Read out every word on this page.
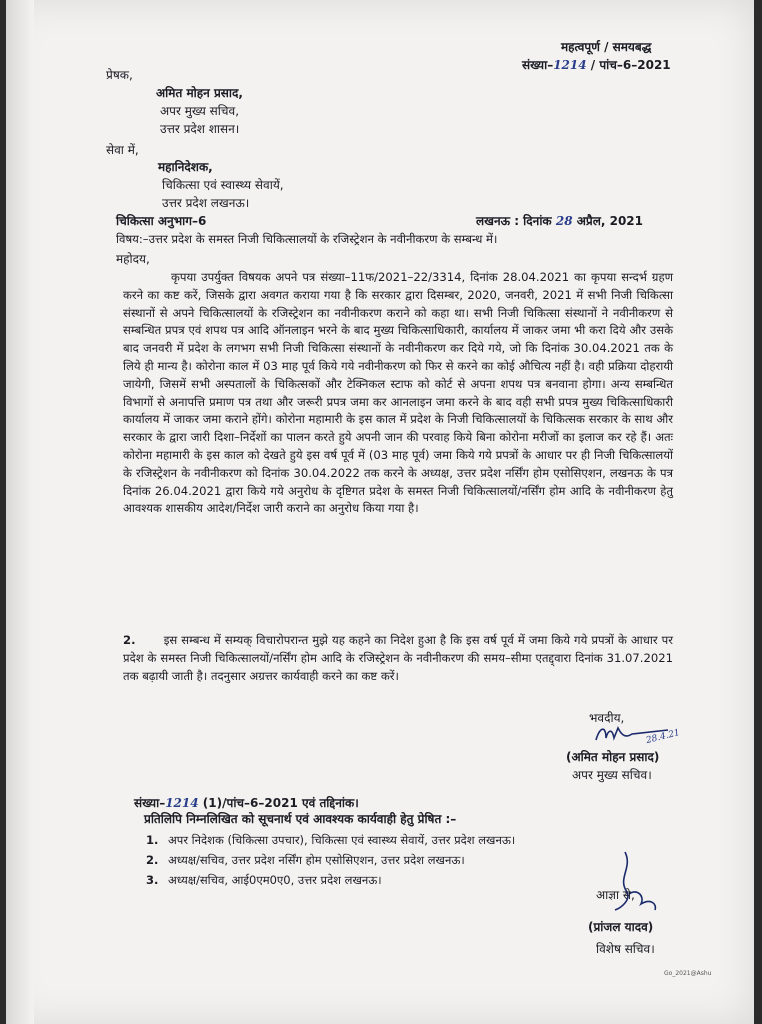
महत्वपूर्ण / समयबद्ध
संख्या–1214 / पांच–6–2021
प्रेषक,
अमित मोहन प्रसाद,
अपर मुख्य सचिव,
उत्तर प्रदेश शासन।
सेवा में,
महानिदेशक,
चिकित्सा एवं स्वास्थ्य सेवायें,
उत्तर प्रदेश लखनऊ।
चिकित्सा अनुभाग–6	लखनऊ : दिनांक 28 अप्रैल, 2021
विषय:–उत्तर प्रदेश के समस्त निजी चिकित्सालयों के रजिस्ट्रेशन के नवीनीकरण के सम्बन्ध में।
महोदय,

कृपया उपर्युक्त विषयक अपने पत्र संख्या–11फ/2021–22/3314, दिनांक 28.04.2021 का कृपया सन्दर्भ ग्रहण करने का कष्ट करें, जिसके द्वारा अवगत कराया गया है कि सरकार द्वारा दिसम्बर, 2020, जनवरी, 2021 में सभी निजी चिकित्सा संस्थानों से अपने चिकित्सालयों के रजिस्ट्रेशन का नवीनीकरण कराने को कहा था। सभी निजी चिकित्सा संस्थानों ने नवीनीकरण से सम्बन्धित प्रपत्र एवं शपथ पत्र आदि ऑनलाइन भरने के बाद मुख्य चिकित्साधिकारी, कार्यालय में जाकर जमा भी करा दिये और उसके बाद जनवरी में प्रदेश के लगभग सभी निजी चिकित्सा संस्थानों के नवीनीकरण कर दिये गये, जो कि दिनांक 30.04.2021 तक के लिये ही मान्य है। कोरोना काल में 03 माह पूर्व किये गये नवीनीकरण को फिर से करने का कोई औचित्य नहीं है। वही प्रक्रिया दोहरायी जायेगी, जिसमें सभी अस्पतालों के चिकित्सकों और टेक्निकल स्टाफ को कोर्ट से अपना शपथ पत्र बनवाना होगा। अन्य सम्बन्धित विभागों से अनापत्ति प्रमाण पत्र तथा और जरूरी प्रपत्र जमा कर आनलाइन जमा करने के बाद वही सभी प्रपत्र मुख्य चिकित्साधिकारी कार्यालय में जाकर जमा कराने होंगे। कोरोना महामारी के इस काल में प्रदेश के निजी चिकित्सालयों के चिकित्सक सरकार के साथ और सरकार के द्वारा जारी दिशा–निर्देशों का पालन करते हुये अपनी जान की परवाह किये बिना कोरोना मरीजों का इलाज कर रहे हैं। अतः कोरोना महामारी के इस काल को देखते हुये इस वर्ष पूर्व में (03 माह पूर्व) जमा किये गये प्रपत्रों के आधार पर ही निजी चिकित्सालयों के रजिस्ट्रेशन के नवीनीकरण को दिनांक 30.04.2022 तक करने के अध्यक्ष, उत्तर प्रदेश नर्सिंग होम एसोसिएशन, लखनऊ के पत्र दिनांक 26.04.2021 द्वारा किये गये अनुरोध के दृष्टिगत प्रदेश के समस्त निजी चिकित्सालयों/नर्सिंग होम आदि के नवीनीकरण हेतु आवश्यक शासकीय आदेश/निर्देश जारी कराने का अनुरोध किया गया है।

2. इस सम्बन्ध में सम्यक् विचारोपरान्त मुझे यह कहने का निदेश हुआ है कि इस वर्ष पूर्व में जमा किये गये प्रपत्रों के आधार पर प्रदेश के समस्त निजी चिकित्सालयों/नर्सिंग होम आदि के रजिस्ट्रेशन के नवीनीकरण की समय–सीमा एतद्द्वारा दिनांक 31.07.2021 तक बढ़ायी जाती है। तदनुसार अग्रत्तर कार्यवाही करने का कष्ट करें।

भवदीय,
28.4.21
(अमित मोहन प्रसाद)
अपर मुख्य सचिव।
संख्या–1214 (1)/पांच–6–2021 एवं तद्दिनांक।
प्रतिलिपि निम्नलिखित को सूचनार्थ एवं आवश्यक कार्यवाही हेतु प्रेषित :–
1. अपर निदेशक (चिकित्सा उपचार), चिकित्सा एवं स्वास्थ्य सेवायें, उत्तर प्रदेश लखनऊ।
2. अध्यक्ष/सचिव, उत्तर प्रदेश नर्सिंग होम एसोसिएशन, उत्तर प्रदेश लखनऊ।
3. अध्यक्ष/सचिव, आई0एम0ए0, उत्तर प्रदेश लखनऊ।
आज्ञा से,
(प्रांजल यादव)
विशेष सचिव।
Go_2021@Ashu
